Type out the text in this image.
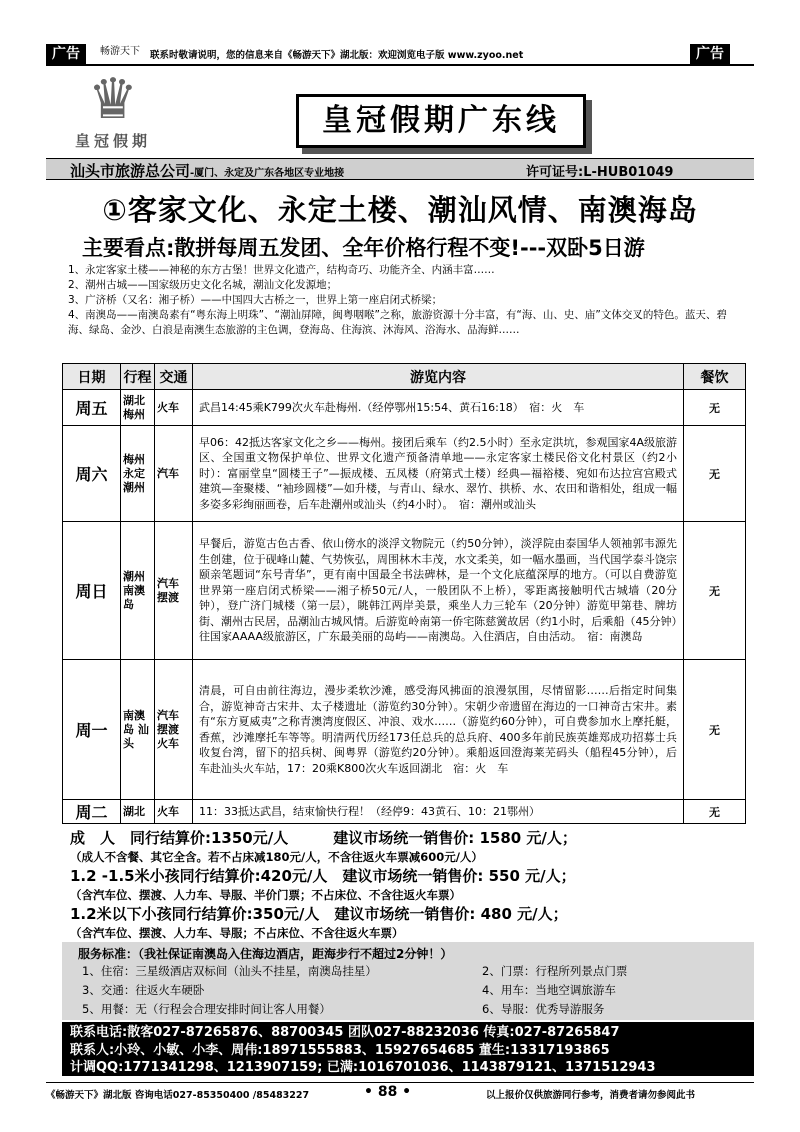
广告	广告
畅游天下 联系时敬请说明，您的信息来自《畅游天下》湖北版：欢迎浏览电子版 www.zyoo.net
♛
皇冠假期
皇冠假期广东线
汕头市旅游总公司-厦门、永定及广东各地区专业地接	许可证号:L-HUB01049
①客家文化、永定土楼、潮汕风情、南澳海岛
主要看点:散拼每周五发团、全年价格行程不变!---双卧5日游
1、永定客家土楼——神秘的东方古堡！世界文化遗产，结构奇巧、功能齐全、内涵丰富……
2、潮州古城——国家级历史文化名城，潮汕文化发源地；
3、广济桥（又名：湘子桥）——中国四大古桥之一，世界上第一座启闭式桥梁；
4、南澳岛——南澳岛素有“粤东海上明珠”、“潮汕屏障，闽粤咽喉”之称，旅游资源十分丰富，有“海、山、史、庙”文体交叉的特色。蓝天、碧海、绿岛、金沙、白浪是南澳生态旅游的主色调，登海岛、住海滨、沐海风、浴海水、品海鲜……
日期	行程	交通	游览内容	餐饮
周五	湖北 梅州	火车	武昌14:45乘K799次火车赴梅州.（经停鄂州15:54、黄石16:18）　宿：火　车	无
周六	梅州 永定 潮州	汽车	早06：42抵达客家文化之乡——梅州。接团后乘车（约2.5小时）至永定洪坑，参观国家4A级旅游区、全国重文物保护单位、世界文化遗产预备清单地——永定客家土楼民俗文化村景区（约2小时）：富丽堂皇“圆楼王子”—振成楼、五凤楼（府第式土楼）经典—福裕楼、宛如布达拉宫宫殿式建筑—奎聚楼、“袖珍圆楼”—如升楼，与青山、绿水、翠竹、拱桥、水、农田和谐相处，组成一幅多姿多彩绚丽画卷，后车赴潮州或汕头（约4小时）。　宿：潮州或汕头	无
周日	潮州 南澳 岛	汽车 摆渡	早餐后，游览古色古香、依山傍水的淡浮文物院元（约50分钟），淡浮院由泰国华人领袖郭韦源先生创建，位于砚峰山麓、气势恢弘，周围林木丰茂，水文柔美，如一幅水墨画，当代国学泰斗饶宗颐亲笔题词“东号青华”，更有南中国最全书法碑林，是一个文化底蕴深厚的地方。（可以自费游览世界第一座启闭式桥梁——湘子桥50元/人，一般团队不上桥），零距离接触明代古城墙（20分钟），登广济门城楼（第一层），眺韩江两岸美景，乘坐人力三轮车（20分钟）游览甲第巷、牌坊街、潮州古民居，品潮汕古城风情。后游览岭南第一侨宅陈慈黉故居（约1小时，后乘船（45分钟）往国家AAAA级旅游区，广东最美丽的岛屿——南澳岛。入住酒店，自由活动。　宿：南澳岛	无
周一	南澳 岛 汕头	汽车 摆渡 火车	清晨，可自由前往海边，漫步柔软沙滩，感受海风拂面的浪漫氛围，尽情留影……后指定时间集合，游览神奇古宋井、太子楼遗址（游览约30分钟）。宋朝少帝遗留在海边的一口神奇古宋井。素有“东方夏威夷”之称青澳湾度假区、冲浪、戏水……（游览约60分钟），可自费参加水上摩托艇，香蕉，沙滩摩托车等等。明清两代历经173任总兵的总兵府、400多年前民族英雄郑成功招募士兵收复台湾，留下的招兵树、闽粤界（游览约20分钟）。乘船返回澄海莱芜码头（船程45分钟），后车赴汕头火车站，17：20乘K800次火车返回湖北　宿：火　车	无
周二	湖北	火车	11：33抵达武昌，结束愉快行程！（经停9：43黄石、10：21鄂州）	无
成　人　同行结算价:1350元/人　　　建议市场统一销售价: 1580 元/人；
（成人不含餐、其它全含。若不占床减180元/人，不含往返火车票减600元/人）
1.2 -1.5米小孩同行结算价:420元/人　建议市场统一销售价: 550 元/人；
（含汽车位、摆渡、人力车、导服、半价门票；不占床位、不含往返火车票）
1.2米以下小孩同行结算价:350元/人　建议市场统一销售价: 480 元/人；
（含汽车位、摆渡、人力车、导服；不占床位、不含往返火车票）
服务标准：（我社保证南澳岛入住海边酒店，距海步行不超过2分钟！）
1、住宿：三星级酒店双标间（汕头不挂星，南澳岛挂星）	2、门票：行程所列景点门票
3、交通：往返火车硬卧	4、用车：当地空调旅游车
5、用餐：无（行程会合理安排时间让客人用餐）	6、导服：优秀导游服务
联系电话:散客027-87265876、88700345 团队027-88232036 传真:027-87265847
联系人:小玲、小敏、小李、周伟:18971555883、15927654685 董生:13317193865
计调QQ:1771341298、1213907159; 已满:1016701036、1143879121、1371512943
《畅游天下》湖北版 咨询电话027-85350400 /85483227	• 88 •	以上报价仅供旅游同行参考，消费者请勿参阅此书
